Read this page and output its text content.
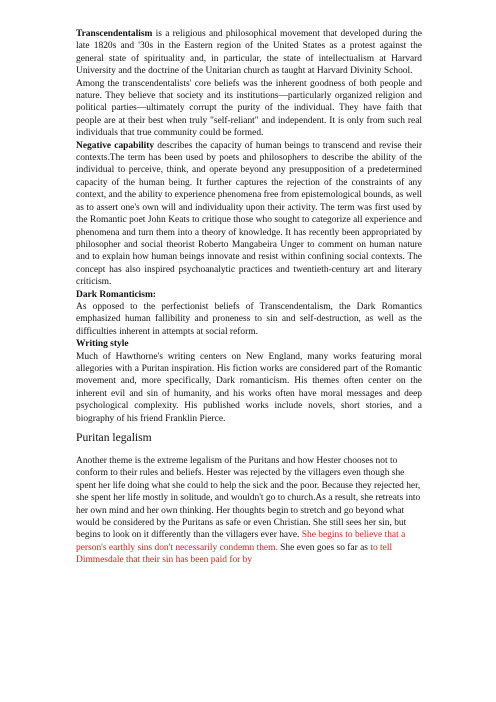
Transcendentalism is a religious and philosophical movement that developed during the late 1820s and '30s in the Eastern region of the United States as a protest against the general state of spirituality and, in particular, the state of intellectualism at Harvard University and the doctrine of the Unitarian church as taught at Harvard Divinity School.

Among the transcendentalists' core beliefs was the inherent goodness of both people and nature. They believe that society and its institutions—particularly organized religion and political parties—ultimately corrupt the purity of the individual. They have faith that people are at their best when truly "self-reliant" and independent. It is only from such real individuals that true community could be formed.

Negative capability describes the capacity of human beings to transcend and revise their contexts.The term has been used by poets and philosophers to describe the ability of the individual to perceive, think, and operate beyond any presupposition of a predetermined capacity of the human being. It further captures the rejection of the constraints of any context, and the ability to experience phenomena free from epistemological bounds, as well as to assert one's own will and individuality upon their activity. The term was first used by the Romantic poet John Keats to critique those who sought to categorize all experience and phenomena and turn them into a theory of knowledge. It has recently been appropriated by philosopher and social theorist Roberto Mangabeira Unger to comment on human nature and to explain how human beings innovate and resist within confining social contexts. The concept has also inspired psychoanalytic practices and twentieth-century art and literary criticism.

Dark Romanticism:

As opposed to the perfectionist beliefs of Transcendentalism, the Dark Romantics emphasized human fallibility and proneness to sin and self-destruction, as well as the difficulties inherent in attempts at social reform.

Writing style

Much of Hawthorne's writing centers on New England, many works featuring moral allegories with a Puritan inspiration. His fiction works are considered part of the Romantic movement and, more specifically, Dark romanticism. His themes often center on the inherent evil and sin of humanity, and his works often have moral messages and deep psychological complexity. His published works include novels, short stories, and a biography of his friend Franklin Pierce.

Puritan legalism

Another theme is the extreme legalism of the Puritans and how Hester chooses not to conform to their rules and beliefs. Hester was rejected by the villagers even though she spent her life doing what she could to help the sick and the poor. Because they rejected her, she spent her life mostly in solitude, and wouldn't go to church.As a result, she retreats into her own mind and her own thinking. Her thoughts begin to stretch and go beyond what would be considered by the Puritans as safe or even Christian. She still sees her sin, but begins to look on it differently than the villagers ever have. She begins to believe that a person's earthly sins don't necessarily condemn them. She even goes so far as to tell Dimmesdale that their sin has been paid for by
